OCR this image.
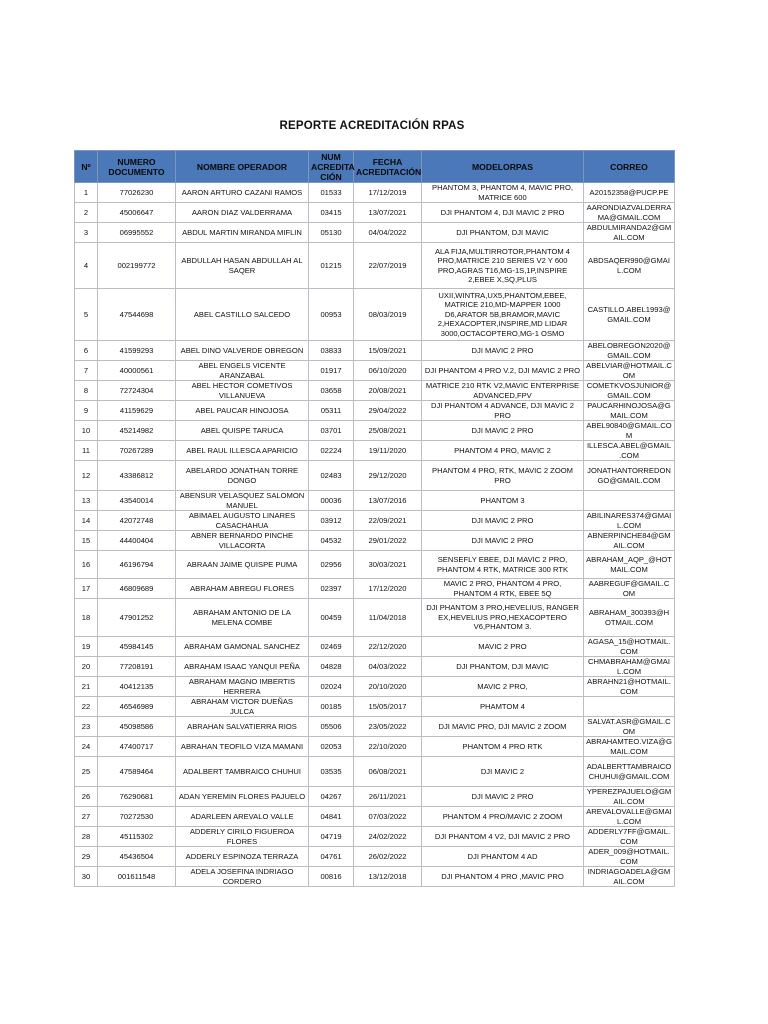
REPORTE ACREDITACIÓN RPAS
Nº	NUMERO DOCUMENTO	NOMBRE OPERADOR	NUM ACREDITA CIÓN	FECHA ACREDITACIÓN	MODELORPAS	CORREO
1	77026230	AARON ARTURO CAZANI RAMOS	01533	17/12/2019	PHANTOM 3, PHANTOM 4, MAVIC PRO, MATRICE 600	A20152358@PUCP.PE
2	45006647	AARON DIAZ VALDERRAMA	03415	13/07/2021	DJI PHANTOM 4, DJI MAVIC 2 PRO	AARONDIAZVALDERRAMA@GMAIL.COM
3	06995552	ABDUL MARTIN MIRANDA MIFLIN	05130	04/04/2022	DJI PHANTOM, DJI MAVIC	ABDULMIRANDA2@GMAIL.COM
4	002199772	ABDULLAH HASAN ABDULLAH AL SAQER	01215	22/07/2019	ALA FIJA,MULTIRROTOR,PHANTOM 4 PRO,MATRICE 210 SERIES V2 Y 600 PRO,AGRAS T16,MG-1S,1P,INSPIRE 2,EBEE X,SQ,PLUS	ABDSAQER990@GMAIL.COM
5	47544698	ABEL CASTILLO SALCEDO	00953	08/03/2019	UXII,WINTRA,UX5,PHANTOM,EBEE, MATRICE 210,MD-MAPPER 1000 D6,ARATOR 5B,BRAMOR,MAVIC 2,HEXACOPTER,INSPIRE,MD LIDAR 3000,OCTACOPTERO,MG-1 OSMO	CASTILLO.ABEL1993@GMAIL.COM
6	41599293	ABEL DINO VALVERDE OBREGON	03833	15/09/2021	DJI MAVIC 2 PRO	ABELOBREGON2020@GMAIL.COM
7	40000561	ABEL ENGELS VICENTE ARANZABAL	01917	06/10/2020	DJI PHANTOM 4 PRO V.2, DJI MAVIC 2 PRO	ABELVIAR@HOTMAIL.COM
8	72724304	ABEL HECTOR COMETIVOS VILLANUEVA	03658	20/08/2021	MATRICE 210 RTK V2,MAVIC ENTERPRISE ADVANCED,FPV	COMETKVOSJUNIOR@GMAIL.COM
9	41159629	ABEL PAUCAR HINOJOSA	05311	29/04/2022	DJI PHANTOM 4 ADVANCE, DJI MAVIC 2 PRO	PAUCARHINOJOSA@GMAIL.COM
10	45214982	ABEL QUISPE TARUCA	03701	25/08/2021	DJI MAVIC 2 PRO	ABEL90840@GMAIL.COM
11	70267289	ABEL RAUL ILLESCA APARICIO	02224	19/11/2020	PHANTOM 4 PRO, MAVIC 2	ILLESCA.ABEL@GMAIL.COM
12	43386812	ABELARDO JONATHAN TORRE DONGO	02483	29/12/2020	PHANTOM 4 PRO, RTK, MAVIC 2 ZOOM PRO	JONATHANTORREDONGO@GMAIL.COM
13	43540014	ABENSUR VELASQUEZ SALOMON MANUEL	00036	13/07/2016	PHANTOM 3	
14	42072748	ABIMAEL AUGUSTO LINARES CASACHAHUA	03912	22/09/2021	DJI MAVIC 2 PRO	ABILINARES374@GMAIL.COM
15	44400404	ABNER BERNARDO PINCHE VILLACORTA	04532	29/01/2022	DJI MAVIC 2 PRO	ABNERPINCHE84@GMAIL.COM
16	46196794	ABRAAN JAIME QUISPE PUMA	02956	30/03/2021	SENSEFLY EBEE, DJI MAVIC 2 PRO, PHANTOM 4 RTK, MATRICE 300 RTK	ABRAHAM_AQP_@HOTMAIL.COM
17	46809689	ABRAHAM ABREGU FLORES	02397	17/12/2020	MAVIC 2 PRO, PHANTOM 4 PRO, PHANTOM 4 RTK, EBEE 5Q	AABREGUF@GMAIL.COM
18	47901252	ABRAHAM ANTONIO DE LA MELENA COMBE	00459	11/04/2018	DJI PHANTOM 3 PRO,HEVELIUS, RANGER EX,HEVELIUS PRO,HEXACOPTERO V6,PHANTOM 3.	ABRAHAM_300393@HOTMAIL.COM
19	45984145	ABRAHAM GAMONAL SANCHEZ	02469	22/12/2020	MAVIC 2 PRO	AGASA_15@HOTMAIL.COM
20	77208191	ABRAHAM ISAAC YANQUI PEÑA	04828	04/03/2022	DJI PHANTOM, DJI MAVIC	CHMABRAHAM@GMAIL.COM
21	40412135	ABRAHAM MAGNO IMBERTIS HERRERA	02024	20/10/2020	MAVIC 2 PRO,	ABRAHN21@HOTMAIL.COM
22	46546989	ABRAHAM VICTOR DUEÑAS JULCA	00185	15/05/2017	PHAMTOM 4	
23	45098586	ABRAHAN SALVATIERRA RIOS	05506	23/05/2022	DJI MAVIC PRO, DJI MAVIC 2 ZOOM	SALVAT.ASR@GMAIL.COM
24	47400717	ABRAHAN TEOFILO VIZA MAMANI	02053	22/10/2020	PHANTOM 4 PRO RTK	ABRAHAMTEO.VIZA@GMAIL.COM
25	47589464	ADALBERT TAMBRAICO CHUHUI	03535	06/08/2021	DJI MAVIC 2	ADALBERTTAMBRAICOCHUHUI@GMAIL.COM
26	76290681	ADAN YEREMIN FLORES PAJUELO	04267	26/11/2021	DJI MAVIC 2 PRO	YPEREZPAJUELO@GMAIL.COM
27	70272530	ADARLEEN AREVALO VALLE	04841	07/03/2022	PHANTOM 4 PRO/MAVIC 2 ZOOM	AREVALOVALLE@GMAIL.COM
28	45115302	ADDERLY CIRILO FIGUEROA FLORES	04719	24/02/2022	DJI PHANTOM 4 V2, DJI MAVIC 2 PRO	ADDERLY7FF@GMAIL.COM
29	45436504	ADDERLY ESPINOZA TERRAZA	04761	26/02/2022	DJI PHANTOM 4 AD	ADER_009@HOTMAIL.COM
30	001611548	ADELA JOSEFINA INDRIAGO CORDERO	00816	13/12/2018	DJI PHANTOM 4 PRO ,MAVIC PRO	INDRIAGOADELA@GMAIL.COM
